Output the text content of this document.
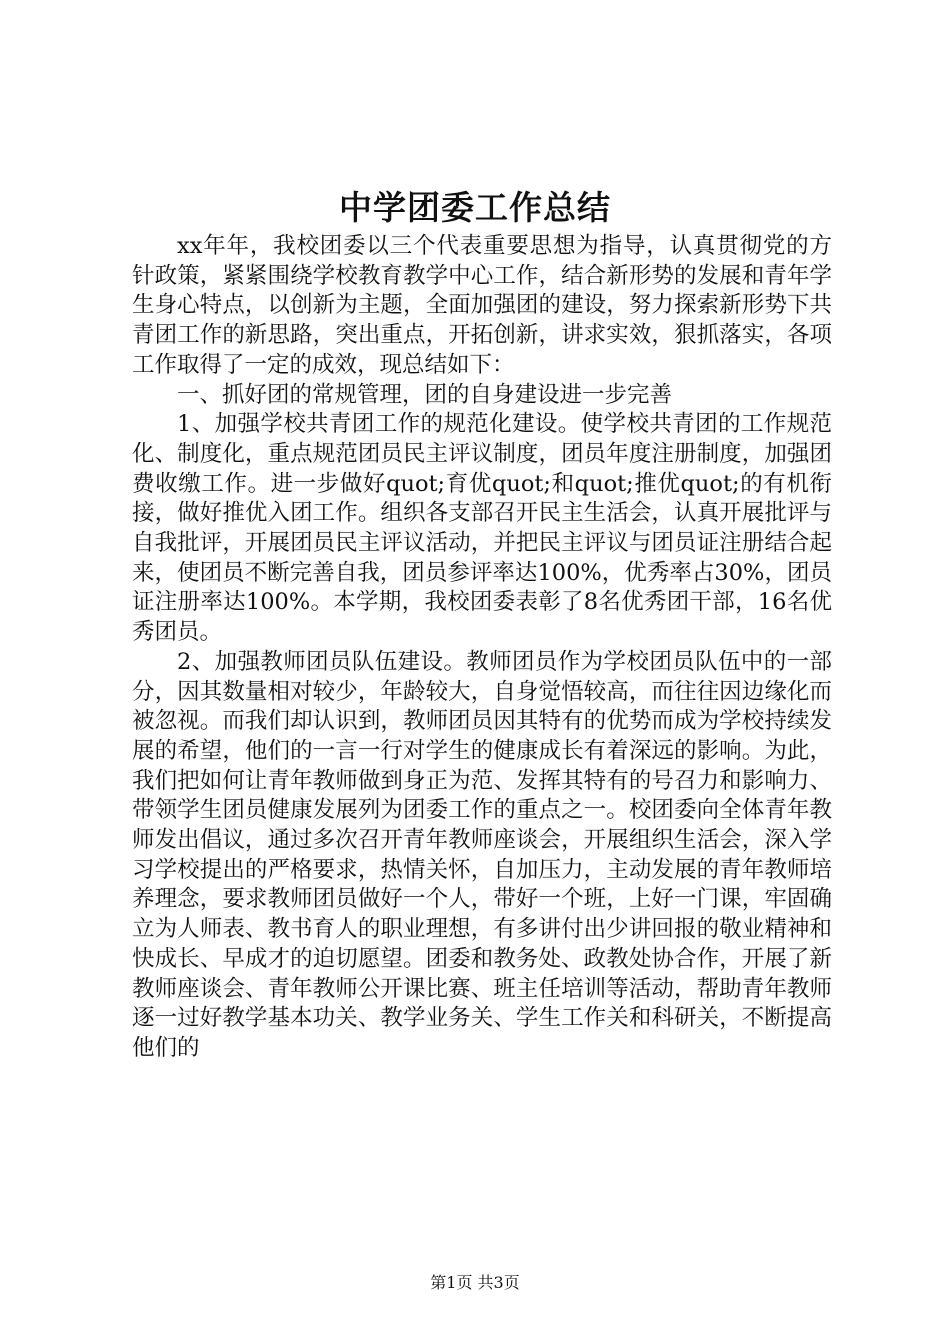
中学团委工作总结

xx年年，我校团委以三个代表重要思想为指导，认真贯彻党的方针政策，紧紧围绕学校教育教学中心工作，结合新形势的发展和青年学生身心特点，以创新为主题，全面加强团的建设，努力探索新形势下共青团工作的新思路，突出重点，开拓创新，讲求实效，狠抓落实，各项工作取得了一定的成效，现总结如下：

一、抓好团的常规管理，团的自身建设进一步完善

1、加强学校共青团工作的规范化建设。使学校共青团的工作规范化、制度化，重点规范团员民主评议制度，团员年度注册制度，加强团费收缴工作。进一步做好quot;育优quot;和quot;推优quot;的有机衔接，做好推优入团工作。组织各支部召开民主生活会，认真开展批评与自我批评，开展团员民主评议活动，并把民主评议与团员证注册结合起来，使团员不断完善自我，团员参评率达100%，优秀率占30%，团员证注册率达100%。本学期，我校团委表彰了8名优秀团干部，16名优秀团员。

2、加强教师团员队伍建设。教师团员作为学校团员队伍中的一部分，因其数量相对较少，年龄较大，自身觉悟较高，而往往因边缘化而被忽视。而我们却认识到，教师团员因其特有的优势而成为学校持续发展的希望，他们的一言一行对学生的健康成长有着深远的影响。为此，我们把如何让青年教师做到身正为范、发挥其特有的号召力和影响力、带领学生团员健康发展列为团委工作的重点之一。校团委向全体青年教师发出倡议，通过多次召开青年教师座谈会，开展组织生活会，深入学习学校提出的严格要求，热情关怀，自加压力，主动发展的青年教师培养理念，要求教师团员做好一个人，带好一个班，上好一门课，牢固确立为人师表、教书育人的职业理想，有多讲付出少讲回报的敬业精神和快成长、早成才的迫切愿望。团委和教务处、政教处协合作，开展了新教师座谈会、青年教师公开课比赛、班主任培训等活动，帮助青年教师逐一过好教学基本功关、教学业务关、学生工作关和科研关，不断提高他们的

第1页 共3页
